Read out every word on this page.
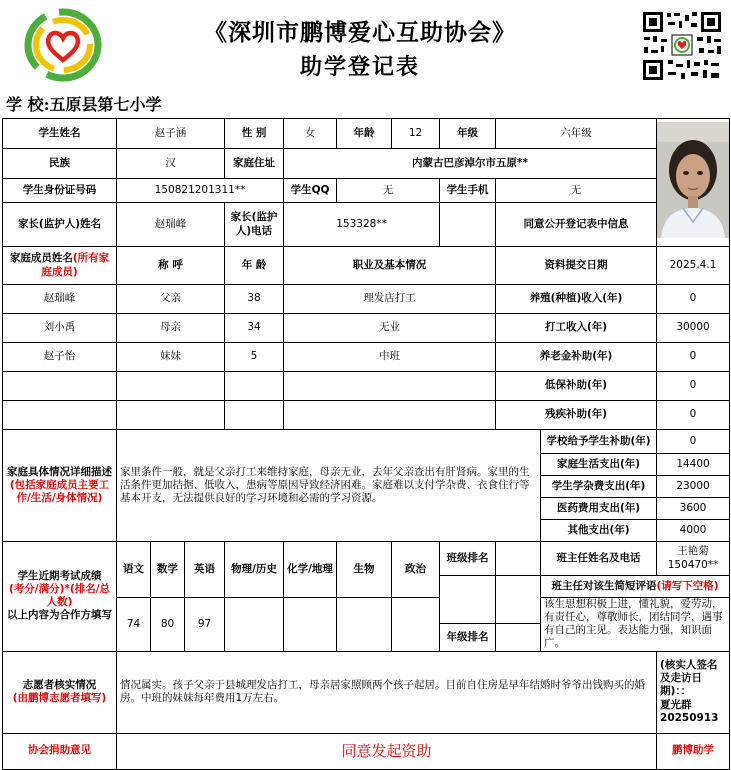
《深圳市鹏博爱心互助协会》
助学登记表
学 校:五原县第七小学
学生姓名	赵子涵			性 别	女	年龄	12	年级	六年级	
民族	汉			家庭住址	内蒙古巴彦淖尔市五原**						
学生身份证号码	150821201311**				学生QQ	无		学生手机	无		
家长(监护人)姓名	赵瑞峰			家长(监护人)电话	153328**				同意公开登记表中信息		
家庭成员姓名(所有家庭成员)	称 呼			年 龄	职业及基本情况				资料提交日期		2025.4.1
赵瑞峰	父亲			38	理发店打工				养殖(种植)收入(年)		0
刘小禹	母亲			34	无业				打工收入(年)		30000
赵子怡	妹妹			5	中班				养老金补助(年)		0
									低保补助(年)		0
									残疾补助(年)		0
家庭具体情况详细描述(包括家庭成员主要工作/生活/身体情况)	家里条件一般，就是父亲打工来维持家庭，母亲无业，去年父亲查出有肝肾病。家里的生活条件更加拮据、低收入，患病等原因导致经济困难。家庭难以支付学杂费、衣食住行等基本开支，无法提供良好的学习环境和必需的学习资源。									学校给予学生补助(年)	0
										家庭生活支出(年)	14400
										学生学杂费支出(年)	23000
										医药费用支出(年)	3600
										其他支出(年)	4000
学生近期考试成绩
(考分/满分)*(排名/总人数)
以上内容为合作方填写	语文	数学	英语	物理/历史	化学/地理	生物	政治	班级排名		班主任姓名及电话	王艳菊150470**
										班主任对该生简短评语(请写下空格)	
	74	80	97							该生思想积极上进，懂礼貌，爱劳动，有责任心，尊敬师长，团结同学，遇事有自己的主见。表达能力强，知识面广。	
								年级排名			
志愿者核实情况
(由鹏博志愿者填写)	情况属实。孩子父亲于县城理发店打工，母亲居家照顾两个孩子起居。目前自住房是早年结婚时爷爷出钱购买的婚房。中班的妹妹每年费用1万左右。										(核实人签名及走访日期)：：
夏光群
20250913
协会捐助意见	同意发起资助										鹏博助学
